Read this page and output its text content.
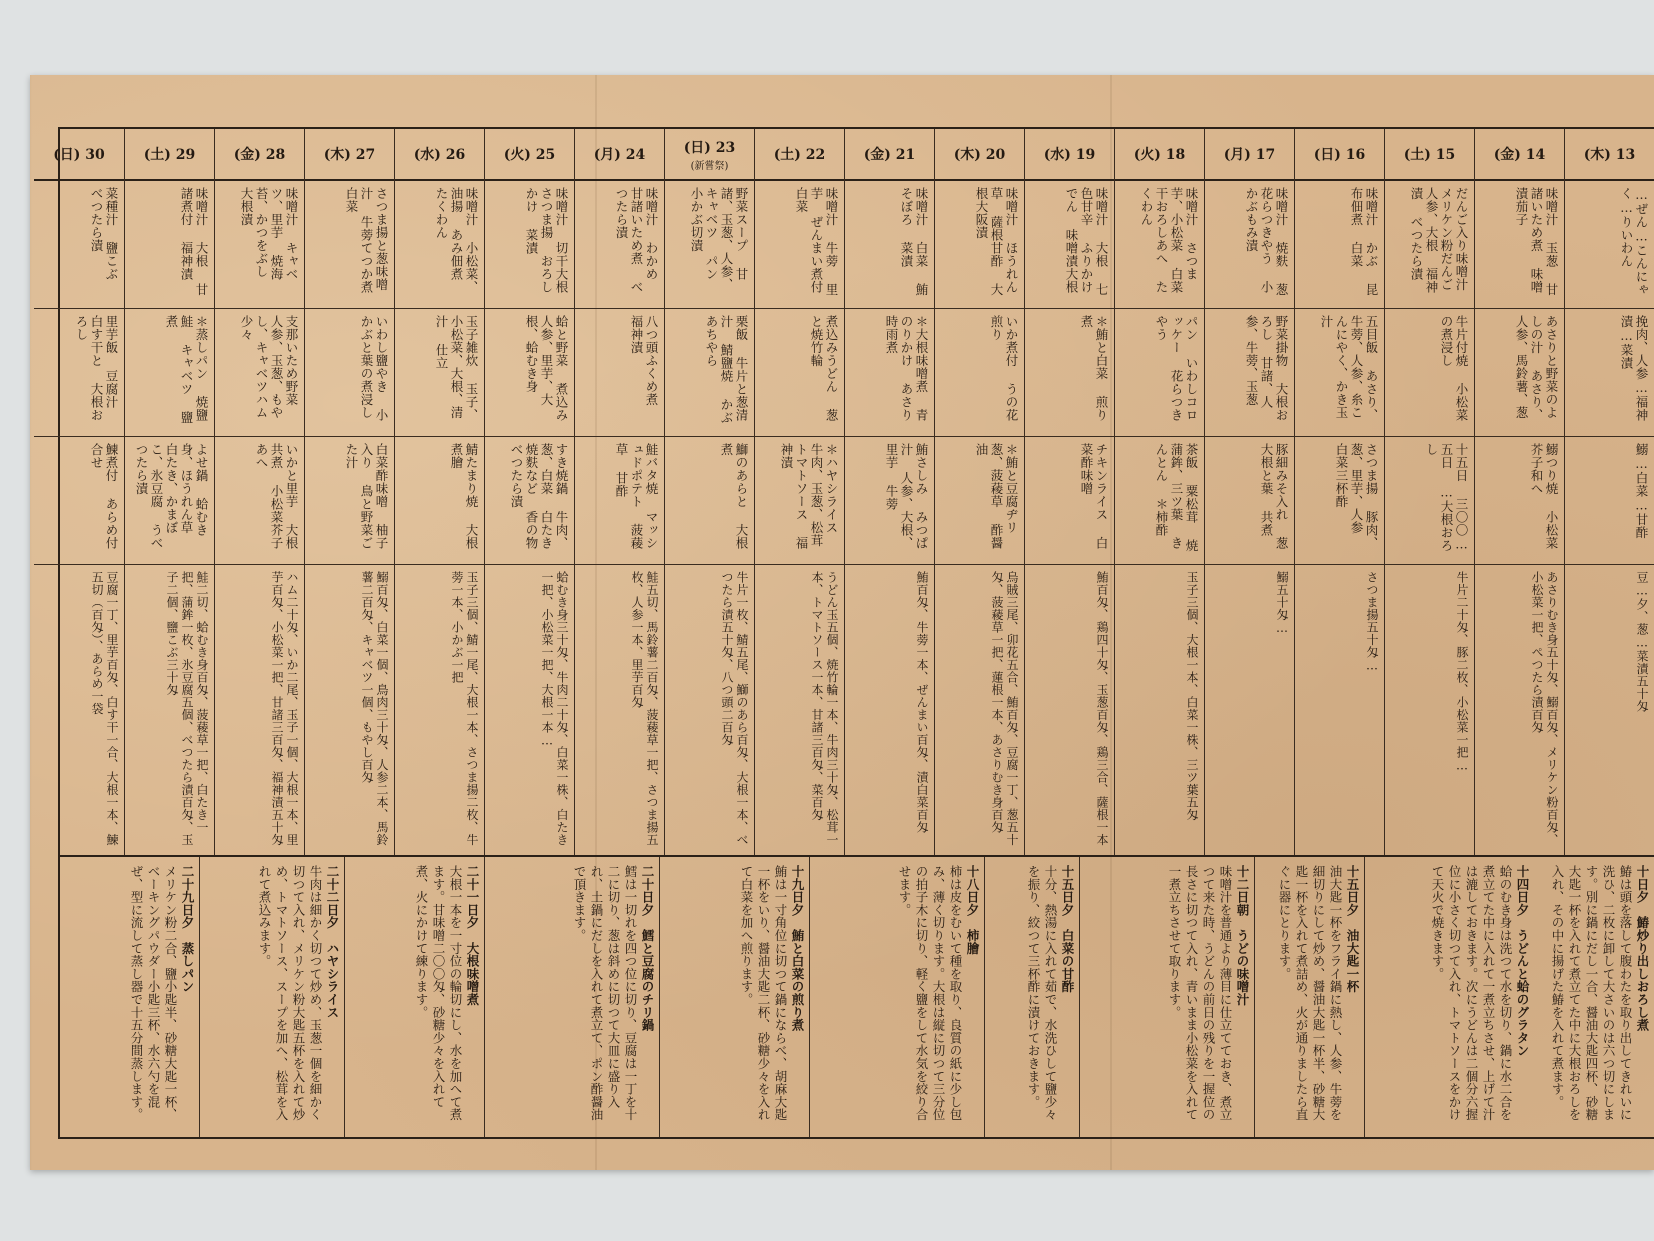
(木) 13
…ぜん…こんにゃく…りいわん
挽肉、人参…福神漬…菜漬
鰯…白菜…甘酢
豆…夕、葱…菜漬五十匁
(金) 14
味噌汁 玉葱 甘諸いため煮 味噌漬茄子
あさりと野菜のよしの汁 あさり、人参、馬鈴薯、葱
鰯つり焼 小松菜芥子和へ
あさりむき身五十匁、鰯百匁、メリケン粉百匁、小松菜一把、ぺつたら漬百匁
(土) 15
だんご入り味噌汁 メリケン粉だんご 人参、大根 福神漬 べつたら漬
牛片付焼 小松菜の煮浸し
十五日 三〇〇… 五日 …大根おろし
牛片二十匁、豚二枚、小松菜一把…
(日) 16
味噌汁 かぶ 昆布佃煮 白菜
五目飯 あさり、牛蒡、人参、糸こんにやく、かき玉汁
さつま揚 豚肉、葱、里芋、人参 白菜三杯酢
さつま揚五十匁…
(月) 17
味噌汁 焼麩 葱 花らつきやう 小かぶもみ漬
野菜掛物 大根おろし 甘諸、人参、牛蒡、玉葱
豚細みそ入れ 葱 大根と葉 共煮
鰯五十匁…
(火) 18
味噌汁 さつま芋、小松菜 白菜干おろしあへ たくわん
パン いわしコロッケー 花らつきやう
茶飯 粟松茸 焼蒲鉾、三ツ葉 きんとん ＊柿酢
玉子三個、大根一本、白菜一株、三ツ葉五匁
(水) 19
味噌汁 大根 七色甘辛 ふりかけでん 味噌漬大根
＊鮪と白菜 煎り煮
チキンライス 白菜酢味噌
鮪百匁、鶏四十匁、玉葱百匁、鶏三合、薩根一本
(木) 20
味噌汁 ほうれん草 薩根甘酢 大根大阪漬
いか煮付 うの花煎り
＊鮪と豆腐ヂリ 葱、菠薐草 酢醤油
烏賊三尾、卯花五合、鮪百匁、豆腐一丁、葱五十匁、菠薐草一把、蓮根一本、あさりむき身百匁
(金) 21
味噌汁 白菜 鮪そぼろ 菜漬
＊大根味噌煮 青のりかけ あさり時雨煮
鮪さしみ みつぱ汁 人参、大根、里芋 牛蒡
鮪百匁、牛蒡一本、ぜんまい百匁、漬白菜百匁
(土) 22
味噌汁 牛蒡 里芋 ぜんまい煮付 白菜
煮込みうどん 葱と焼竹輪
＊ハヤシライス 牛肉、玉葱、松茸 トマトソース 福神漬
うどん玉五個、焼竹輪一本、牛肉三十匁、松茸一本、トマトソース一本、甘諸三百匁、菜百匁
(日) 23
(新嘗祭)
野菜スープ 甘諸、玉葱、人参、キャベツ パン 小かぶ切漬
栗飯 牛片と葱清汁 鯖鹽焼 かぶあちやら
鰤のあらと 大根煮
牛片一枚、鯖五尾、鰤のあら百匁、大根一本、べつたら漬五十匁、八つ頭二百匁
(月) 24
味噌汁 わかめ 甘諸いため煮 べつたら漬
八つ頭ふくめ煮 福神漬
鮭バタ焼 マッシュドポテト 菠薐草 甘酢
鮭五切、馬鈴薯二百匁、菠薐草一把、さつま揚五枚、人参一本、里芋百匁
(火) 25
味噌汁 切干大根 さつま揚 おろしかけ 菜漬
蛤と野菜 煮込み 人参、里芋、大根、蛤むき身
すき焼鍋 牛肉、葱、白菜 白たき焼麩など 香の物 べつたら漬
蛤むき身三十匁、牛肉二十匁、白菜一株、白たき一把、小松菜一把、大根一本…
(水) 26
味噌汁 小松菜、油揚 あみ佃煮 たくわん
玉子雑炊 玉子、小松菜、大根、清汁 仕立
鯖たまり焼 大根煮膾
玉子三個、鯖一尾、大根一本、さつま揚二枚、牛蒡一本、小かぶ一把
(木) 27
さつま揚と葱味噌汁 牛蒡てつか煮 白菜
いわし鹽やき 小かぶと葉の煮浸し
白菜酢味噌 柚子入り 鳥と野菜ごた汁
鰯百匁、白菜一個、鳥肉三十匁、人参二本、馬鈴薯二百匁、キャベツ一個、もやし百匁
(金) 28
味噌汁 キャベツ、里芋 焼海苔、かつをぶし 大根漬
支那いため野菜 人参、玉葱、もやし、キャベツハム少々
いかと里芋 大根 共煮 小松菜芥子あへ
ハム二十匁、いか二尾、玉子一個、大根一本、里芋百匁、小松菜一把、甘諸三百匁、福神漬五十匁
(土) 29
味噌汁 大根 甘諸煮付 福神漬
＊蒸しパン 焼鹽鮭 キャベツ 鹽煮
よせ鍋 蛤むき身、ほうれん草 白たき、かまぼこ、氷豆腐 うべつたら漬
鮭二切、蛤むき身百匁、菠薐草一把、白たき一把、蒲鉾一枚、氷豆腐五個、べつたら漬百匁、玉子二個、鹽こぶ三十匁
(日) 30
菜種汁 鹽こぶ べつたら漬
里芋飯 豆腐汁 白す干と 大根おろし
鰊煮付 あらめ付合せ
豆腐一丁、里芋百匁、白す干一合、大根一本、鰊五切（百匁）、あらめ一袋
十日夕　鰆炒り出しおろし煮
鰆は頭を落して腹わたを取り出してきれいに洗ひ、二枚に卸して大さいのは六つ切にします。別に鍋にだし一合、醤油大匙四杯、砂糖大匙一杯を入れて煮立てた中に大根おろしを入れ、その中に揚げた鰆を入れて煮ます。
十四日夕　うどんと蛤のグラタン
蛤のむき身は洗つて水を切り、鍋に水二合を煮立てた中に入れて一煮立ちさせ、上げて汁は漉しておきます。次にうどんは二個分六握位に小さく切つて入れ、トマトソースをかけて天火で焼きます。
十五日夕　油大匙一杯
油大匙一杯をフライ鍋に熱し、人参、牛蒡を細切りにして炒め、醤油大匙一杯半、砂糖大匙一杯を入れて煮詰め、火が通りましたら直ぐに器にとります。
十二日朝　うどの味噌汁
味噌汁を普通より薄目に仕立てておき、煮立つて来た時、うどんの前日の残りを一握位の長さに切つて入れ、青いまま小松菜を入れて一煮立ちさせて取ります。
十五日夕　白菜の甘酢
十分、熱湯に入れて茹で、水洗ひして鹽少々を振り、絞つて三杯酢に漬けておきます。
十八日夕　柿膾
柿は皮をむいて種を取り、良質の紙に少し包み、薄く切ります。大根は縦に切つて三分位の拍子木に切り、軽く鹽をして水気を絞り合せます。
十九日夕　鮪と白菜の煎り煮
鮪は一寸角位に切つて鍋にならべ、胡麻大匙一杯をいり、醤油大匙二杯、砂糖少々を入れて白菜を加へ煎ります。
二十日夕　鱈と豆腐のチリ鍋
鱈は一切れを四つ位に切り、豆腐は一丁を十二に切り、葱は斜めに切つて大皿に盛り入れ、土鍋にだしを入れて煮立て、ポン酢醤油で頂きます。
二十一日夕　大根味噌煮
大根一本を一寸位の輪切にし、水を加へて煮ます。甘味噌二〇〇匁、砂糖少々を入れて煮、火にかけて練ります。
二十二日夕　ハヤシライス
牛肉は細かく切つて炒め、玉葱一個を細かく切つて入れ、メリケン粉大匙五杯を入れて炒め、トマトソース、スープを加へ、松茸を入れて煮込みます。
二十九日夕　蒸しパン
メリケン粉二合、鹽小匙半、砂糖大匙一杯、ベーキングパウダー小匙三杯、水六勺を混ぜ、型に流して蒸し器で十五分間蒸します。
